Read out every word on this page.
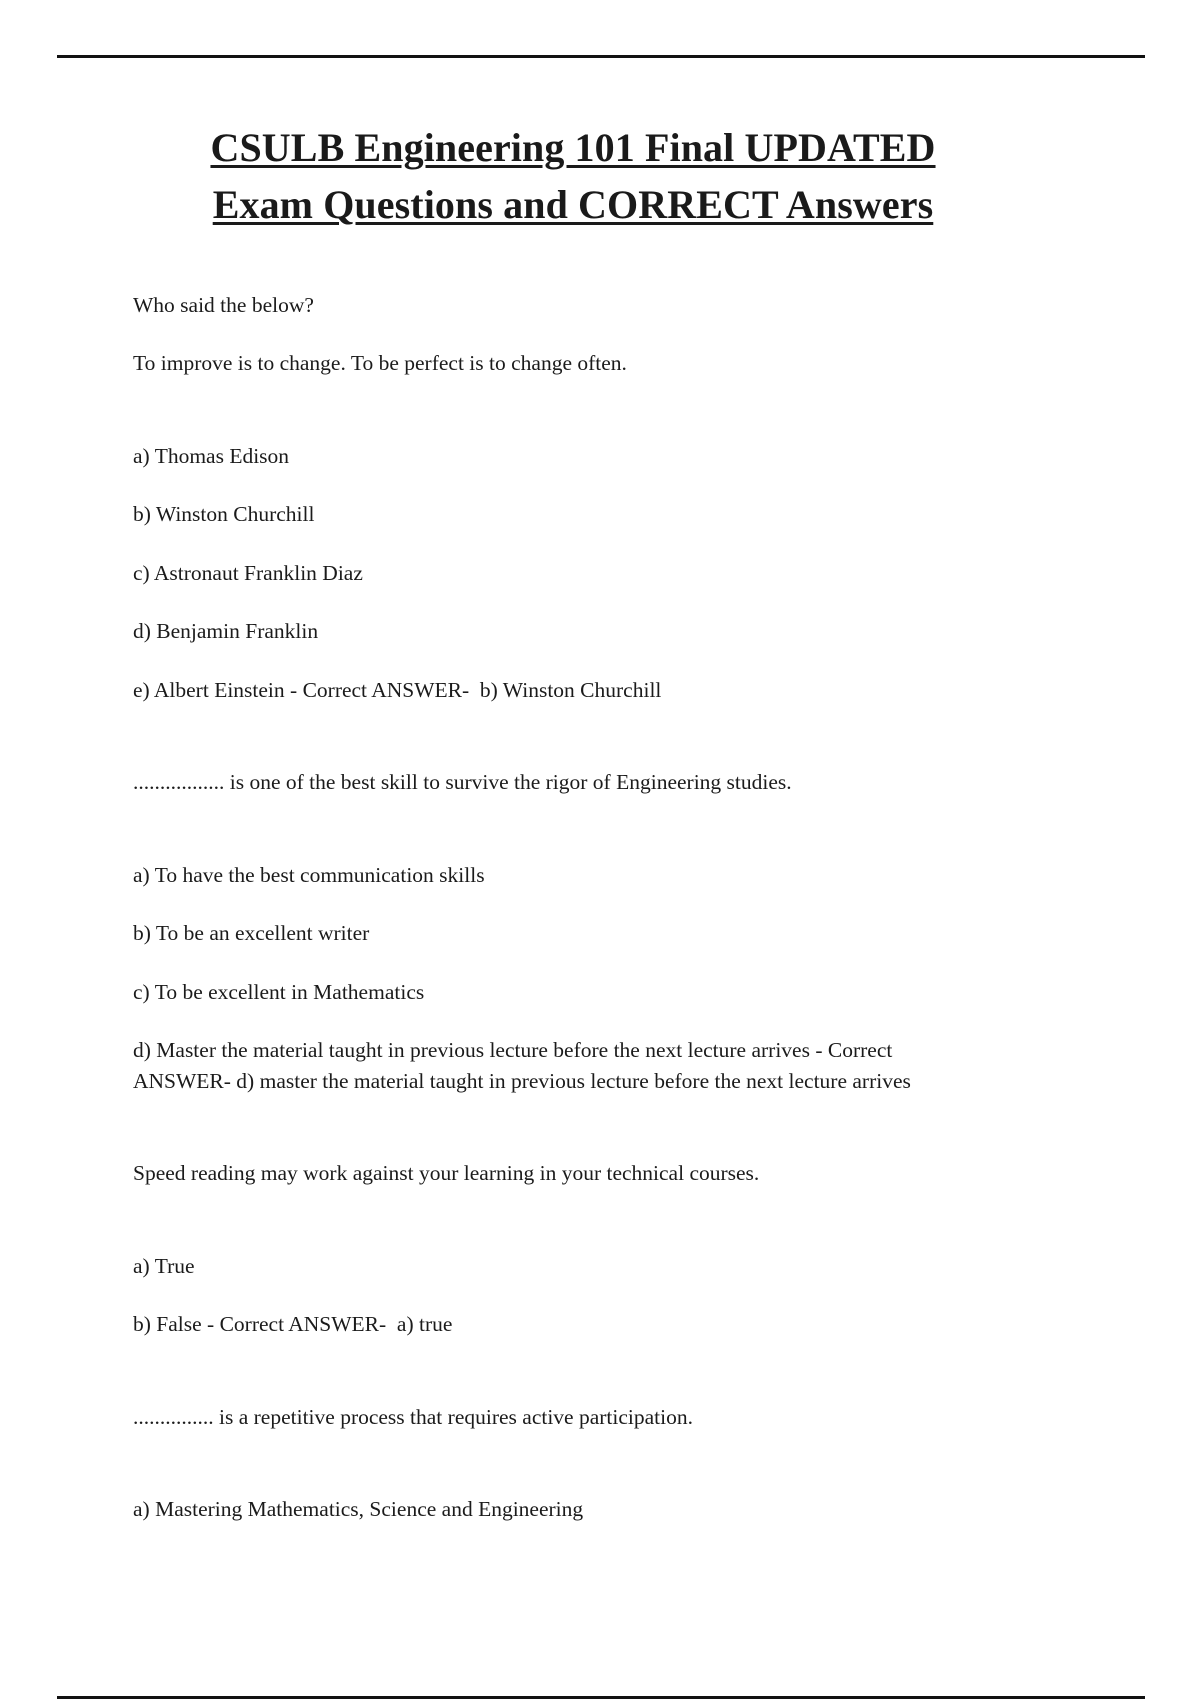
CSULB Engineering 101 Final UPDATED
Exam Questions and CORRECT Answers

Who said the below?

To improve is to change. To be perfect is to change often.

a) Thomas Edison

b) Winston Churchill

c) Astronaut Franklin Diaz

d) Benjamin Franklin

e) Albert Einstein - Correct ANSWER-  b) Winston Churchill

................. is one of the best skill to survive the rigor of Engineering studies.

a) To have the best communication skills

b) To be an excellent writer

c) To be excellent in Mathematics

d) Master the material taught in previous lecture before the next lecture arrives - Correct ANSWER- d) master the material taught in previous lecture before the next lecture arrives

Speed reading may work against your learning in your technical courses.

a) True

b) False - Correct ANSWER-  a) true

............... is a repetitive process that requires active participation.

a) Mastering Mathematics, Science and Engineering
